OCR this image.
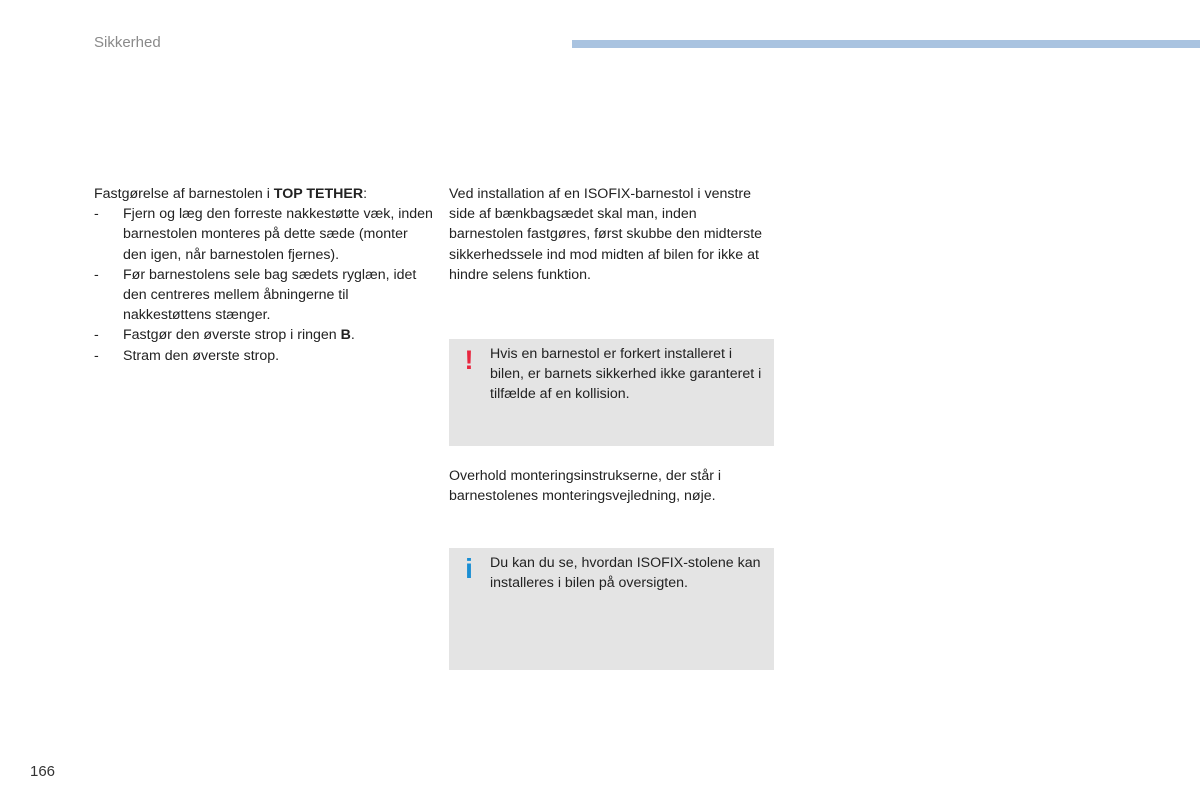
Sikkerhed

Fastgørelse af barnestolen i TOP TETHER:

- Fjern og læg den forreste nakkestøtte væk, inden barnestolen monteres på dette sæde (monter den igen, når barnestolen fjernes).
- Før barnestolens sele bag sædets ryglæn, idet den centreres mellem åbningerne til nakkestøttens stænger.
- Fastgør den øverste strop i ringen B.
- Stram den øverste strop.

Ved installation af en ISOFIX-barnestol i venstre side af bænkbagsædet skal man, inden barnestolen fastgøres, først skubbe den midterste sikkerhedssele ind mod midten af bilen for ikke at hindre selens funktion.

! Hvis en barnestol er forkert installeret i bilen, er barnets sikkerhed ikke garanteret i tilfælde af en kollision.
Overhold monteringsinstrukserne, der står i barnestolenes monteringsvejledning, nøje.
i Du kan du se, hvordan ISOFIX-stolene kan installeres i bilen på oversigten.
166
